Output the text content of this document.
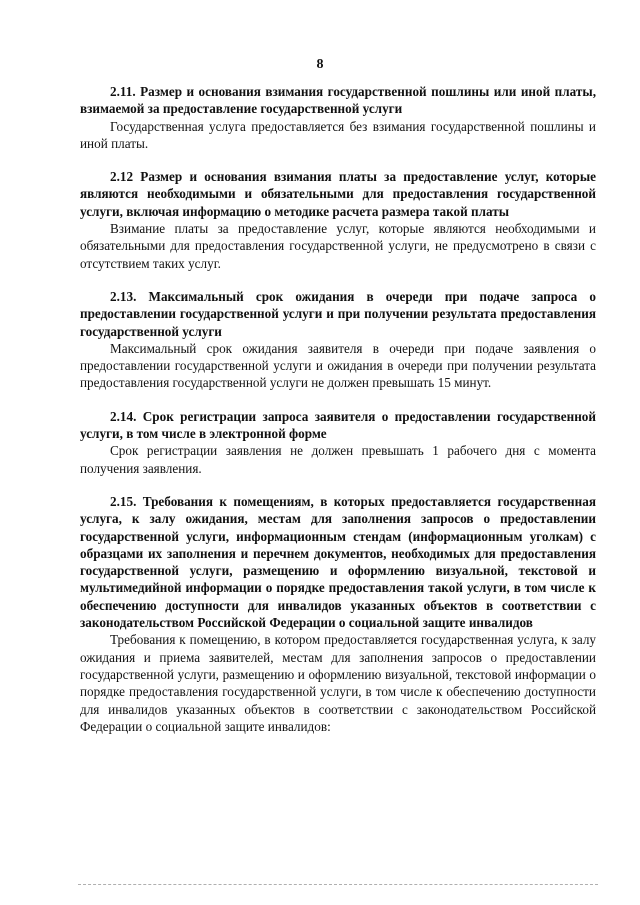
8

2.11. Размер и основания взимания государственной пошлины или иной платы, взимаемой за предоставление государственной услуги

Государственная услуга предоставляется без взимания государственной пошлины и иной платы.

2.12 Размер и основания взимания платы за предоставление услуг, которые являются необходимыми и обязательными для предоставления государственной услуги, включая информацию о методике расчета размера такой платы

Взимание платы за предоставление услуг, которые являются необходимыми и обязательными для предоставления государственной услуги, не предусмотрено в связи с отсутствием таких услуг.

2.13. Максимальный срок ожидания в очереди при подаче запроса о предоставлении государственной услуги и при получении результата предоставления государственной услуги

Максимальный срок ожидания заявителя в очереди при подаче заявления о предоставлении государственной услуги и ожидания в очереди при получении результата предоставления государственной услуги не должен превышать 15 минут.

2.14. Срок регистрации запроса заявителя о предоставлении государственной услуги, в том числе в электронной форме

Срок регистрации заявления не должен превышать 1 рабочего дня с момента получения заявления.

2.15. Требования к помещениям, в которых предоставляется государственная услуга, к залу ожидания, местам для заполнения запросов о предоставлении государственной услуги, информационным стендам (информационным уголкам) с образцами их заполнения и перечнем документов, необходимых для предоставления государственной услуги, размещению и оформлению визуальной, текстовой и мультимедийной информации о порядке предоставления такой услуги, в том числе к обеспечению доступности для инвалидов указанных объектов в соответствии с законодательством Российской Федерации о социальной защите инвалидов

Требования к помещению, в котором предоставляется государственная услуга, к залу ожидания и приема заявителей, местам для заполнения запросов о предоставлении государственной услуги, размещению и оформлению визуальной, текстовой информации о порядке предоставления государственной услуги, в том числе к обеспечению доступности для инвалидов указанных объектов в соответствии с законодательством Российской Федерации о социальной защите инвалидов:
